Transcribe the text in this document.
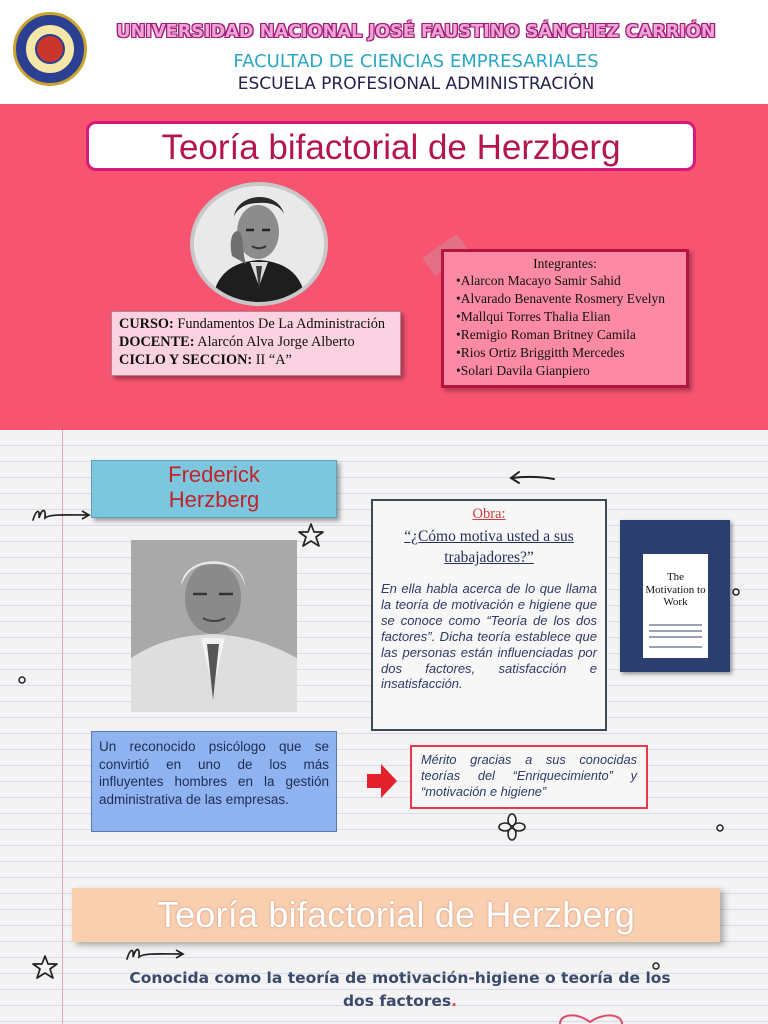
UNIVERSIDAD NACIONAL JOSÉ FAUSTINO SÁNCHEZ CARRIÓN
FACULTAD DE CIENCIAS EMPRESARIALES
ESCUELA PROFESIONAL ADMINISTRACIÓN
Teoría bifactorial de Herzberg
CURSO: Fundamentos De La Administración
DOCENTE: Alarcón Alva Jorge Alberto
CICLO Y SECCION: II “A”
Integrantes:
•Alarcon Macayo Samir Sahid
•Alvarado Benavente Rosmery Evelyn
•Mallqui Torres Thalia Elian
•Remigio Roman Britney Camila
•Rios Ortiz Briggitth Mercedes
•Solari Davila Gianpiero
Frederick
Herzberg
Obra:
“¿Cómo motiva usted a sus trabajadores?”
En ella habla acerca de lo que llama la teoría de motivación e higiene que se conoce como “Teoría de los dos factores”. Dicha teoría establece que las personas están influenciadas por dos factores, satisfacción e insatisfacción.
The Motivation to Work
Un reconocido psicólogo que se convirtió en uno de los más influyentes hombres en la gestión administrativa de las empresas.
Mérito gracias a sus conocidas teorías del “Enriquecimiento” y “motivación e higiene”
Teoría bifactorial de Herzberg
Conocida como la teoría de motivación-higiene o teoría de los dos factores.
